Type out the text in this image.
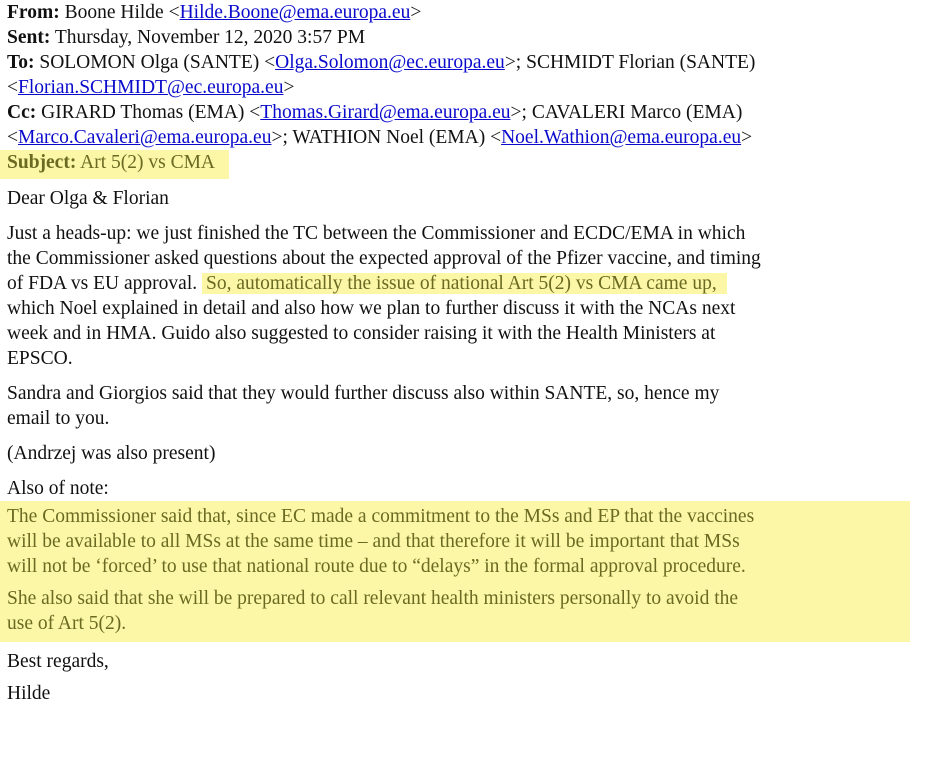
From: Boone Hilde <Hilde.Boone@ema.europa.eu>
Sent: Thursday, November 12, 2020 3:57 PM
To: SOLOMON Olga (SANTE) <Olga.Solomon@ec.europa.eu>; SCHMIDT Florian (SANTE)
<Florian.SCHMIDT@ec.europa.eu>
Cc: GIRARD Thomas (EMA) <Thomas.Girard@ema.europa.eu>; CAVALERI Marco (EMA)
<Marco.Cavaleri@ema.europa.eu>; WATHION Noel (EMA) <Noel.Wathion@ema.europa.eu>
Subject: Art 5(2) vs CMA
Dear Olga & Florian
Just a heads-up: we just finished the TC between the Commissioner and ECDC/EMA in which
the Commissioner asked questions about the expected approval of the Pfizer vaccine, and timing
of FDA vs EU approval. So, automatically the issue of national Art 5(2) vs CMA came up,
which Noel explained in detail and also how we plan to further discuss it with the NCAs next
week and in HMA. Guido also suggested to consider raising it with the Health Ministers at
EPSCO.
Sandra and Giorgios said that they would further discuss also within SANTE, so, hence my
email to you.
(Andrzej was also present)
Also of note:
The Commissioner said that, since EC made a commitment to the MSs and EP that the vaccines
will be available to all MSs at the same time – and that therefore it will be important that MSs
will not be ‘forced’ to use that national route due to “delays” in the formal approval procedure.
She also said that she will be prepared to call relevant health ministers personally to avoid the
use of Art 5(2).
Best regards,
Hilde
